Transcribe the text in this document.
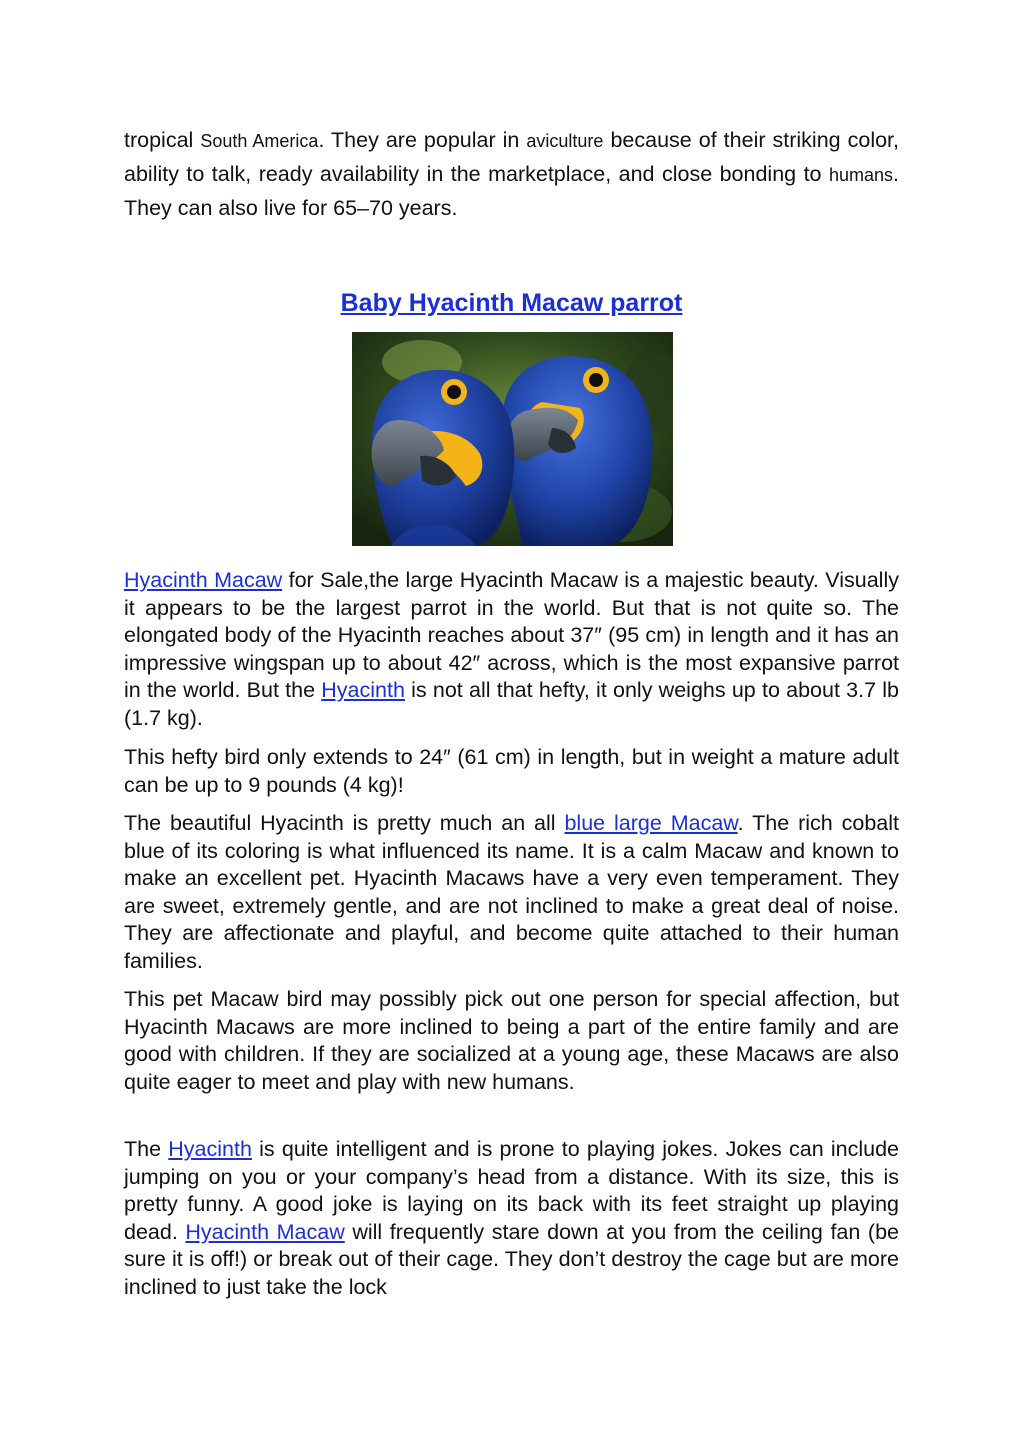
tropical South America. They are popular in aviculture because of their striking color, ability to talk, ready availability in the marketplace, and close bonding to humans. They can also live for 65–70 years.
Baby Hyacinth Macaw parrot
Hyacinth Macaw for Sale,the large Hyacinth Macaw is a majestic beauty. Visually it appears to be the largest parrot in the world. But that is not quite so. The elongated body of the Hyacinth reaches about 37″ (95 cm) in length and it has an impressive wingspan up to about 42″ across, which is the most expansive parrot in the world. But the Hyacinth is not all that hefty, it only weighs up to about 3.7 lb (1.7 kg).
This hefty bird only extends to 24″ (61 cm) in length, but in weight a mature adult can be up to 9 pounds (4 kg)!
The beautiful Hyacinth is pretty much an all blue large Macaw. The rich cobalt blue of its coloring is what influenced its name. It is a calm Macaw and known to make an excellent pet. Hyacinth Macaws have a very even temperament. They are sweet, extremely gentle, and are not inclined to make a great deal of noise. They are affectionate and playful, and become quite attached to their human families.
This pet Macaw bird may possibly pick out one person for special affection, but Hyacinth Macaws are more inclined to being a part of the entire family and are good with children. If they are socialized at a young age, these Macaws are also quite eager to meet and play with new humans.
The Hyacinth is quite intelligent and is prone to playing jokes. Jokes can include jumping on you or your company’s head from a distance. With its size, this is pretty funny. A good joke is laying on its back with its feet straight up playing dead. Hyacinth Macaw will frequently stare down at you from the ceiling fan (be sure it is off!) or break out of their cage. They don’t destroy the cage but are more inclined to just take the lock
